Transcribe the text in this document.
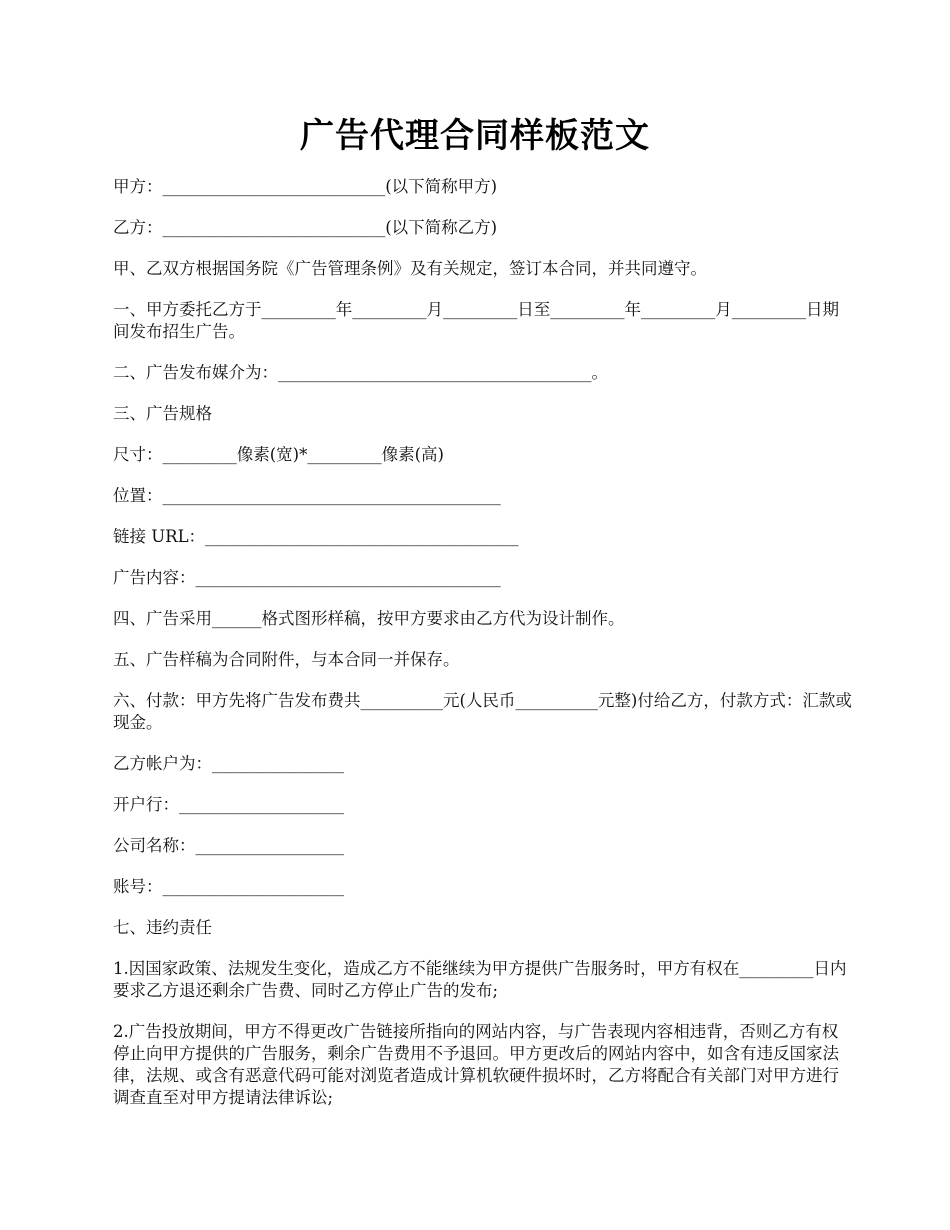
广告代理合同样板范文

甲方：___________________________(以下简称甲方)

乙方：___________________________(以下简称乙方)

甲、乙双方根据国务院《广告管理条例》及有关规定，签订本合同，并共同遵守。

一、甲方委托乙方于_________年_________月_________日至_________年_________月_________日期间发布招生广告。

二、广告发布媒介为：______________________________________。

三、广告规格

尺寸：_________像素(宽)*_________像素(高)

位置：_________________________________________

链接 URL：______________________________________

广告内容：_____________________________________

四、广告采用______格式图形样稿，按甲方要求由乙方代为设计制作。

五、广告样稿为合同附件，与本合同一并保存。

六、付款：甲方先将广告发布费共__________元(人民币__________元整)付给乙方，付款方式：汇款或现金。

乙方帐户为：________________

开户行：____________________

公司名称：__________________

账号：______________________

七、违约责任

1.因国家政策、法规发生变化，造成乙方不能继续为甲方提供广告服务时，甲方有权在_________日内要求乙方退还剩余广告费、同时乙方停止广告的发布;

2.广告投放期间，甲方不得更改广告链接所指向的网站内容，与广告表现内容相违背，否则乙方有权停止向甲方提供的广告服务，剩余广告费用不予退回。甲方更改后的网站内容中，如含有违反国家法律，法规、或含有恶意代码可能对浏览者造成计算机软硬件损坏时，乙方将配合有关部门对甲方进行调查直至对甲方提请法律诉讼;
